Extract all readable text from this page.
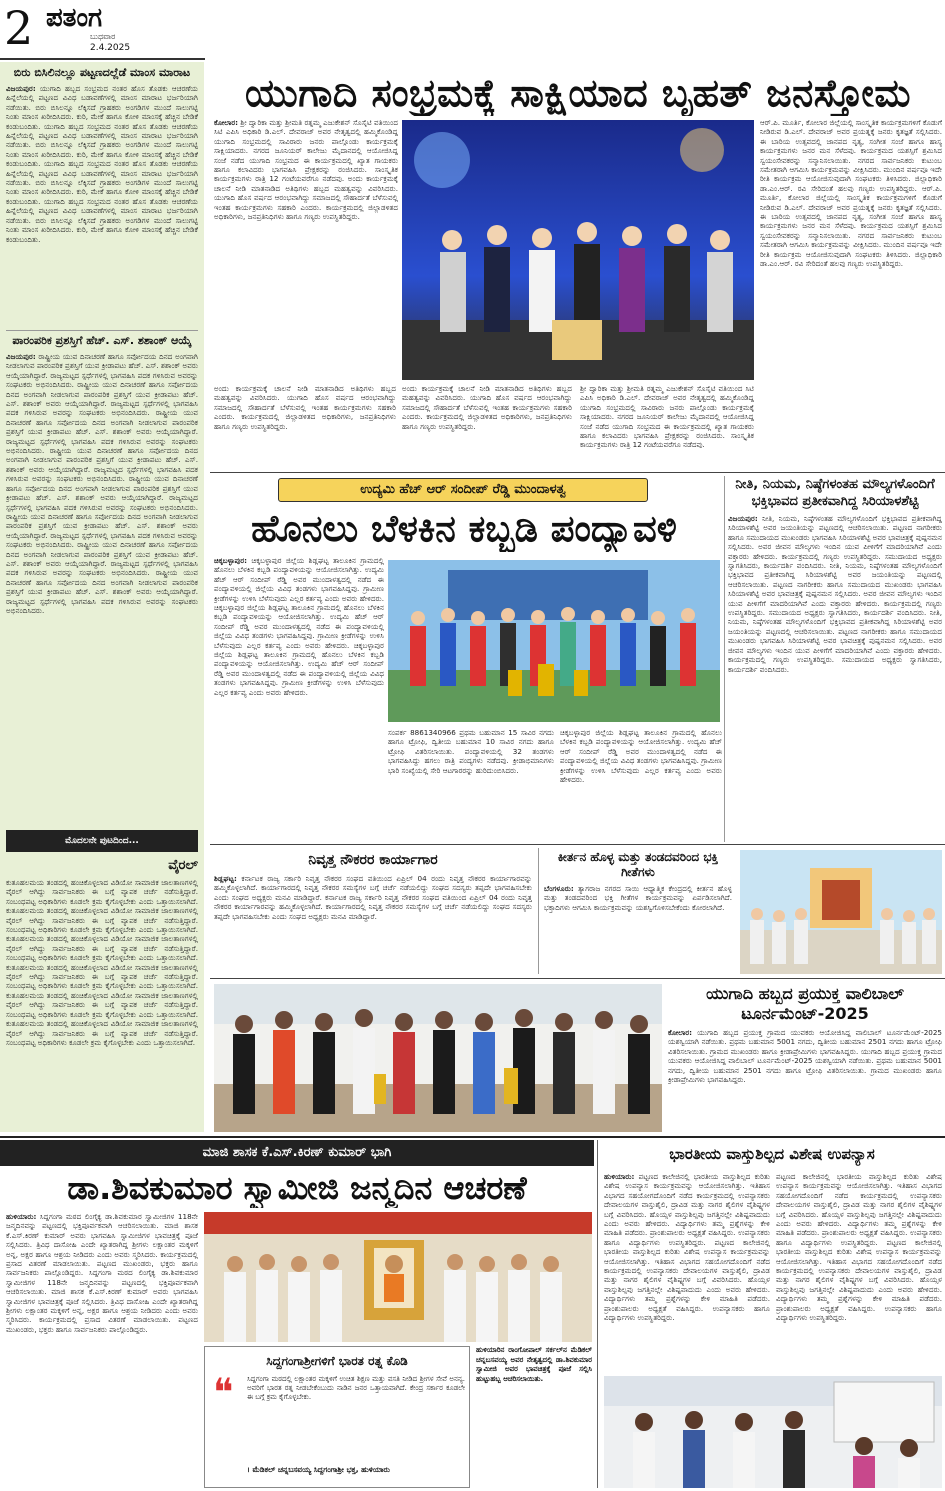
2 ಪತಂಗ
ಬುಧವಾರ
2.4.2025
ಬಿರು ಬಿಸಿಲಿನಲ್ಲೂ ಪಟ್ಟಣದಲ್ಲೆಡೆ ಮಾಂಸ ಮಾರಾಟ
ವಿಜಯಪುರ: ಯುಗಾದಿ ಹಬ್ಬದ ಸಂಭ್ರಮದ ನಂತರ ಹೊಸ ತೊಡಕು ಆಚರಣೆಯ ಹಿನ್ನೆಲೆಯಲ್ಲಿ ಪಟ್ಟಣದ ವಿವಿಧ ಬಡಾವಣೆಗಳಲ್ಲಿ ಮಾಂಸ ಮಾರಾಟ ಭರ್ಜರಿಯಾಗಿ ನಡೆಯಿತು. ಬಿರು ಬಿಸಿಲನ್ನೂ ಲೆಕ್ಕಿಸದೆ ಗ್ರಾಹಕರು ಅಂಗಡಿಗಳ ಮುಂದೆ ಸಾಲುಗಟ್ಟಿ ನಿಂತು ಮಾಂಸ ಖರೀದಿಸಿದರು. ಕುರಿ, ಮೇಕೆ ಹಾಗೂ ಕೋಳಿ ಮಾಂಸಕ್ಕೆ ಹೆಚ್ಚಿನ ಬೇಡಿಕೆ ಕಂಡುಬಂದಿತು. ಯುಗಾದಿ ಹಬ್ಬದ ಸಂಭ್ರಮದ ನಂತರ ಹೊಸ ತೊಡಕು ಆಚರಣೆಯ ಹಿನ್ನೆಲೆಯಲ್ಲಿ ಪಟ್ಟಣದ ವಿವಿಧ ಬಡಾವಣೆಗಳಲ್ಲಿ ಮಾಂಸ ಮಾರಾಟ ಭರ್ಜರಿಯಾಗಿ ನಡೆಯಿತು. ಬಿರು ಬಿಸಿಲನ್ನೂ ಲೆಕ್ಕಿಸದೆ ಗ್ರಾಹಕರು ಅಂಗಡಿಗಳ ಮುಂದೆ ಸಾಲುಗಟ್ಟಿ ನಿಂತು ಮಾಂಸ ಖರೀದಿಸಿದರು. ಕುರಿ, ಮೇಕೆ ಹಾಗೂ ಕೋಳಿ ಮಾಂಸಕ್ಕೆ ಹೆಚ್ಚಿನ ಬೇಡಿಕೆ ಕಂಡುಬಂದಿತು. ಯುಗಾದಿ ಹಬ್ಬದ ಸಂಭ್ರಮದ ನಂತರ ಹೊಸ ತೊಡಕು ಆಚರಣೆಯ ಹಿನ್ನೆಲೆಯಲ್ಲಿ ಪಟ್ಟಣದ ವಿವಿಧ ಬಡಾವಣೆಗಳಲ್ಲಿ ಮಾಂಸ ಮಾರಾಟ ಭರ್ಜರಿಯಾಗಿ ನಡೆಯಿತು. ಬಿರು ಬಿಸಿಲನ್ನೂ ಲೆಕ್ಕಿಸದೆ ಗ್ರಾಹಕರು ಅಂಗಡಿಗಳ ಮುಂದೆ ಸಾಲುಗಟ್ಟಿ ನಿಂತು ಮಾಂಸ ಖರೀದಿಸಿದರು. ಕುರಿ, ಮೇಕೆ ಹಾಗೂ ಕೋಳಿ ಮಾಂಸಕ್ಕೆ ಹೆಚ್ಚಿನ ಬೇಡಿಕೆ ಕಂಡುಬಂದಿತು. ಯುಗಾದಿ ಹಬ್ಬದ ಸಂಭ್ರಮದ ನಂತರ ಹೊಸ ತೊಡಕು ಆಚರಣೆಯ ಹಿನ್ನೆಲೆಯಲ್ಲಿ ಪಟ್ಟಣದ ವಿವಿಧ ಬಡಾವಣೆಗಳಲ್ಲಿ ಮಾಂಸ ಮಾರಾಟ ಭರ್ಜರಿಯಾಗಿ ನಡೆಯಿತು. ಬಿರು ಬಿಸಿಲನ್ನೂ ಲೆಕ್ಕಿಸದೆ ಗ್ರಾಹಕರು ಅಂಗಡಿಗಳ ಮುಂದೆ ಸಾಲುಗಟ್ಟಿ ನಿಂತು ಮಾಂಸ ಖರೀದಿಸಿದರು. ಕುರಿ, ಮೇಕೆ ಹಾಗೂ ಕೋಳಿ ಮಾಂಸಕ್ಕೆ ಹೆಚ್ಚಿನ ಬೇಡಿಕೆ ಕಂಡುಬಂದಿತು.
ಪಾರಂಪರಿಕ ಪ್ರಶಸ್ತಿಗೆ ಹೆಚ್. ಎಸ್. ಶಶಾಂಕ್ ಆಯ್ಕೆ
ವಿಜಯಪುರ: ರಾಷ್ಟ್ರೀಯ ಯುವ ದಿನಾಚರಣೆ ಹಾಗೂ ಸರ್ವೋದಯ ದಿನದ ಅಂಗವಾಗಿ ನೀಡಲಾಗುವ ಪಾರಂಪರಿಕ ಪ್ರಶಸ್ತಿಗೆ ಯುವ ಕ್ರೀಡಾಪಟು ಹೆಚ್. ಎಸ್. ಶಶಾಂಕ್ ಅವರು ಆಯ್ಕೆಯಾಗಿದ್ದಾರೆ. ರಾಜ್ಯಮಟ್ಟದ ಸ್ಪರ್ಧೆಗಳಲ್ಲಿ ಭಾಗವಹಿಸಿ ಪದಕ ಗಳಿಸಿರುವ ಅವರನ್ನು ಸಂಘಟಕರು ಅಭಿನಂದಿಸಿದರು. ರಾಷ್ಟ್ರೀಯ ಯುವ ದಿನಾಚರಣೆ ಹಾಗೂ ಸರ್ವೋದಯ ದಿನದ ಅಂಗವಾಗಿ ನೀಡಲಾಗುವ ಪಾರಂಪರಿಕ ಪ್ರಶಸ್ತಿಗೆ ಯುವ ಕ್ರೀಡಾಪಟು ಹೆಚ್. ಎಸ್. ಶಶಾಂಕ್ ಅವರು ಆಯ್ಕೆಯಾಗಿದ್ದಾರೆ. ರಾಜ್ಯಮಟ್ಟದ ಸ್ಪರ್ಧೆಗಳಲ್ಲಿ ಭಾಗವಹಿಸಿ ಪದಕ ಗಳಿಸಿರುವ ಅವರನ್ನು ಸಂಘಟಕರು ಅಭಿನಂದಿಸಿದರು. ರಾಷ್ಟ್ರೀಯ ಯುವ ದಿನಾಚರಣೆ ಹಾಗೂ ಸರ್ವೋದಯ ದಿನದ ಅಂಗವಾಗಿ ನೀಡಲಾಗುವ ಪಾರಂಪರಿಕ ಪ್ರಶಸ್ತಿಗೆ ಯುವ ಕ್ರೀಡಾಪಟು ಹೆಚ್. ಎಸ್. ಶಶಾಂಕ್ ಅವರು ಆಯ್ಕೆಯಾಗಿದ್ದಾರೆ. ರಾಜ್ಯಮಟ್ಟದ ಸ್ಪರ್ಧೆಗಳಲ್ಲಿ ಭಾಗವಹಿಸಿ ಪದಕ ಗಳಿಸಿರುವ ಅವರನ್ನು ಸಂಘಟಕರು ಅಭಿನಂದಿಸಿದರು. ರಾಷ್ಟ್ರೀಯ ಯುವ ದಿನಾಚರಣೆ ಹಾಗೂ ಸರ್ವೋದಯ ದಿನದ ಅಂಗವಾಗಿ ನೀಡಲಾಗುವ ಪಾರಂಪರಿಕ ಪ್ರಶಸ್ತಿಗೆ ಯುವ ಕ್ರೀಡಾಪಟು ಹೆಚ್. ಎಸ್. ಶಶಾಂಕ್ ಅವರು ಆಯ್ಕೆಯಾಗಿದ್ದಾರೆ. ರಾಜ್ಯಮಟ್ಟದ ಸ್ಪರ್ಧೆಗಳಲ್ಲಿ ಭಾಗವಹಿಸಿ ಪದಕ ಗಳಿಸಿರುವ ಅವರನ್ನು ಸಂಘಟಕರು ಅಭಿನಂದಿಸಿದರು. ರಾಷ್ಟ್ರೀಯ ಯುವ ದಿನಾಚರಣೆ ಹಾಗೂ ಸರ್ವೋದಯ ದಿನದ ಅಂಗವಾಗಿ ನೀಡಲಾಗುವ ಪಾರಂಪರಿಕ ಪ್ರಶಸ್ತಿಗೆ ಯುವ ಕ್ರೀಡಾಪಟು ಹೆಚ್. ಎಸ್. ಶಶಾಂಕ್ ಅವರು ಆಯ್ಕೆಯಾಗಿದ್ದಾರೆ. ರಾಜ್ಯಮಟ್ಟದ ಸ್ಪರ್ಧೆಗಳಲ್ಲಿ ಭಾಗವಹಿಸಿ ಪದಕ ಗಳಿಸಿರುವ ಅವರನ್ನು ಸಂಘಟಕರು ಅಭಿನಂದಿಸಿದರು. ರಾಷ್ಟ್ರೀಯ ಯುವ ದಿನಾಚರಣೆ ಹಾಗೂ ಸರ್ವೋದಯ ದಿನದ ಅಂಗವಾಗಿ ನೀಡಲಾಗುವ ಪಾರಂಪರಿಕ ಪ್ರಶಸ್ತಿಗೆ ಯುವ ಕ್ರೀಡಾಪಟು ಹೆಚ್. ಎಸ್. ಶಶಾಂಕ್ ಅವರು ಆಯ್ಕೆಯಾಗಿದ್ದಾರೆ. ರಾಜ್ಯಮಟ್ಟದ ಸ್ಪರ್ಧೆಗಳಲ್ಲಿ ಭಾಗವಹಿಸಿ ಪದಕ ಗಳಿಸಿರುವ ಅವರನ್ನು ಸಂಘಟಕರು ಅಭಿನಂದಿಸಿದರು. ರಾಷ್ಟ್ರೀಯ ಯುವ ದಿನಾಚರಣೆ ಹಾಗೂ ಸರ್ವೋದಯ ದಿನದ ಅಂಗವಾಗಿ ನೀಡಲಾಗುವ ಪಾರಂಪರಿಕ ಪ್ರಶಸ್ತಿಗೆ ಯುವ ಕ್ರೀಡಾಪಟು ಹೆಚ್. ಎಸ್. ಶಶಾಂಕ್ ಅವರು ಆಯ್ಕೆಯಾಗಿದ್ದಾರೆ. ರಾಜ್ಯಮಟ್ಟದ ಸ್ಪರ್ಧೆಗಳಲ್ಲಿ ಭಾಗವಹಿಸಿ ಪದಕ ಗಳಿಸಿರುವ ಅವರನ್ನು ಸಂಘಟಕರು ಅಭಿನಂದಿಸಿದರು. ರಾಷ್ಟ್ರೀಯ ಯುವ ದಿನಾಚರಣೆ ಹಾಗೂ ಸರ್ವೋದಯ ದಿನದ ಅಂಗವಾಗಿ ನೀಡಲಾಗುವ ಪಾರಂಪರಿಕ ಪ್ರಶಸ್ತಿಗೆ ಯುವ ಕ್ರೀಡಾಪಟು ಹೆಚ್. ಎಸ್. ಶಶಾಂಕ್ ಅವರು ಆಯ್ಕೆಯಾಗಿದ್ದಾರೆ. ರಾಜ್ಯಮಟ್ಟದ ಸ್ಪರ್ಧೆಗಳಲ್ಲಿ ಭಾಗವಹಿಸಿ ಪದಕ ಗಳಿಸಿರುವ ಅವರನ್ನು ಸಂಘಟಕರು ಅಭಿನಂದಿಸಿದರು.
ಮೊದಲನೇ ಪುಟದಿಂದ...
ವೈರಲ್
ಕುತೂಹಲಮಯ ತಂಡದಲ್ಲಿ ಹಂಚಿಕೊಳ್ಳಲಾದ ವಿಡಿಯೋ ಸಾಮಾಜಿಕ ಜಾಲತಾಣಗಳಲ್ಲಿ ವೈರಲ್ ಆಗಿದ್ದು ಸಾರ್ವಜನಿಕರು ಈ ಬಗ್ಗೆ ವ್ಯಾಪಕ ಚರ್ಚೆ ನಡೆಸುತ್ತಿದ್ದಾರೆ. ಸಂಬಂಧಪಟ್ಟ ಅಧಿಕಾರಿಗಳು ಕೂಡಲೇ ಕ್ರಮ ಕೈಗೊಳ್ಳಬೇಕು ಎಂದು ಒತ್ತಾಯಿಸಲಾಗಿದೆ. ಕುತೂಹಲಮಯ ತಂಡದಲ್ಲಿ ಹಂಚಿಕೊಳ್ಳಲಾದ ವಿಡಿಯೋ ಸಾಮಾಜಿಕ ಜಾಲತಾಣಗಳಲ್ಲಿ ವೈರಲ್ ಆಗಿದ್ದು ಸಾರ್ವಜನಿಕರು ಈ ಬಗ್ಗೆ ವ್ಯಾಪಕ ಚರ್ಚೆ ನಡೆಸುತ್ತಿದ್ದಾರೆ. ಸಂಬಂಧಪಟ್ಟ ಅಧಿಕಾರಿಗಳು ಕೂಡಲೇ ಕ್ರಮ ಕೈಗೊಳ್ಳಬೇಕು ಎಂದು ಒತ್ತಾಯಿಸಲಾಗಿದೆ. ಕುತೂಹಲಮಯ ತಂಡದಲ್ಲಿ ಹಂಚಿಕೊಳ್ಳಲಾದ ವಿಡಿಯೋ ಸಾಮಾಜಿಕ ಜಾಲತಾಣಗಳಲ್ಲಿ ವೈರಲ್ ಆಗಿದ್ದು ಸಾರ್ವಜನಿಕರು ಈ ಬಗ್ಗೆ ವ್ಯಾಪಕ ಚರ್ಚೆ ನಡೆಸುತ್ತಿದ್ದಾರೆ. ಸಂಬಂಧಪಟ್ಟ ಅಧಿಕಾರಿಗಳು ಕೂಡಲೇ ಕ್ರಮ ಕೈಗೊಳ್ಳಬೇಕು ಎಂದು ಒತ್ತಾಯಿಸಲಾಗಿದೆ. ಕುತೂಹಲಮಯ ತಂಡದಲ್ಲಿ ಹಂಚಿಕೊಳ್ಳಲಾದ ವಿಡಿಯೋ ಸಾಮಾಜಿಕ ಜಾಲತಾಣಗಳಲ್ಲಿ ವೈರಲ್ ಆಗಿದ್ದು ಸಾರ್ವಜನಿಕರು ಈ ಬಗ್ಗೆ ವ್ಯಾಪಕ ಚರ್ಚೆ ನಡೆಸುತ್ತಿದ್ದಾರೆ. ಸಂಬಂಧಪಟ್ಟ ಅಧಿಕಾರಿಗಳು ಕೂಡಲೇ ಕ್ರಮ ಕೈಗೊಳ್ಳಬೇಕು ಎಂದು ಒತ್ತಾಯಿಸಲಾಗಿದೆ. ಕುತೂಹಲಮಯ ತಂಡದಲ್ಲಿ ಹಂಚಿಕೊಳ್ಳಲಾದ ವಿಡಿಯೋ ಸಾಮಾಜಿಕ ಜಾಲತಾಣಗಳಲ್ಲಿ ವೈರಲ್ ಆಗಿದ್ದು ಸಾರ್ವಜನಿಕರು ಈ ಬಗ್ಗೆ ವ್ಯಾಪಕ ಚರ್ಚೆ ನಡೆಸುತ್ತಿದ್ದಾರೆ. ಸಂಬಂಧಪಟ್ಟ ಅಧಿಕಾರಿಗಳು ಕೂಡಲೇ ಕ್ರಮ ಕೈಗೊಳ್ಳಬೇಕು ಎಂದು ಒತ್ತಾಯಿಸಲಾಗಿದೆ. ಕುತೂಹಲಮಯ ತಂಡದಲ್ಲಿ ಹಂಚಿಕೊಳ್ಳಲಾದ ವಿಡಿಯೋ ಸಾಮಾಜಿಕ ಜಾಲತಾಣಗಳಲ್ಲಿ ವೈರಲ್ ಆಗಿದ್ದು ಸಾರ್ವಜನಿಕರು ಈ ಬಗ್ಗೆ ವ್ಯಾಪಕ ಚರ್ಚೆ ನಡೆಸುತ್ತಿದ್ದಾರೆ. ಸಂಬಂಧಪಟ್ಟ ಅಧಿಕಾರಿಗಳು ಕೂಡಲೇ ಕ್ರಮ ಕೈಗೊಳ್ಳಬೇಕು ಎಂದು ಒತ್ತಾಯಿಸಲಾಗಿದೆ.
ಯುಗಾದಿ ಸಂಭ್ರಮಕ್ಕೆ ಸಾಕ್ಷಿಯಾದ ಬೃಹತ್ ಜನಸ್ತೋಮ
ಕೋಲಾರ: ಶ್ರೀ ದ್ವಾರಿಕಾ ಮತ್ತು ಶ್ರೀಮತಿ ರತ್ನಮ್ಮ ಎಜುಕೇಶನ್ ಸೊಸೈಟಿ ವತಿಯಿಂದ ಸಿಟಿ ಎಪಿಸಿ ಅಧಿಕಾರಿ ಡಿ.ಎಲ್. ದೇವರಾಜ್ ಅವರ ನೇತೃತ್ವದಲ್ಲಿ ಹಮ್ಮಿಕೊಂಡಿದ್ದ ಯುಗಾದಿ ಸಂಭ್ರಮದಲ್ಲಿ ಸಾವಿರಾರು ಜನರು ಪಾಲ್ಗೊಂಡು ಕಾರ್ಯಕ್ರಮಕ್ಕೆ ಸಾಕ್ಷಿಯಾದರು. ನಗರದ ಜೂನಿಯರ್ ಕಾಲೇಜು ಮೈದಾನದಲ್ಲಿ ಆಯೋಜಿಸಿದ್ದ ಸಂಜೆ ನಡೆದ ಯುಗಾದಿ ಸಂಭ್ರಮದ ಈ ಕಾರ್ಯಕ್ರಮದಲ್ಲಿ ಖ್ಯಾತ ಗಾಯಕರು ಹಾಗೂ ಕಲಾವಿದರು ಭಾಗವಹಿಸಿ ಪ್ರೇಕ್ಷಕರನ್ನು ರಂಜಿಸಿದರು. ಸಾಂಸ್ಕೃತಿಕ ಕಾರ್ಯಕ್ರಮಗಳು ರಾತ್ರಿ 12 ಗಂಟೆಯವರೆಗೂ ನಡೆದವು. ಅಂದು ಕಾರ್ಯಕ್ರಮಕ್ಕೆ ಚಾಲನೆ ನೀಡಿ ಮಾತನಾಡಿದ ಅತಿಥಿಗಳು ಹಬ್ಬದ ಮಹತ್ವವನ್ನು ವಿವರಿಸಿದರು. ಯುಗಾದಿ ಹೊಸ ವರ್ಷದ ಆರಂಭವಾಗಿದ್ದು ಸಮಾಜದಲ್ಲಿ ಸೌಹಾರ್ದತೆ ಬೆಳೆಸುವಲ್ಲಿ ಇಂತಹ ಕಾರ್ಯಕ್ರಮಗಳು ಸಹಕಾರಿ ಎಂದರು. ಕಾರ್ಯಕ್ರಮದಲ್ಲಿ ಜಿಲ್ಲಾಡಳಿತದ ಅಧಿಕಾರಿಗಳು, ಜನಪ್ರತಿನಿಧಿಗಳು ಹಾಗೂ ಗಣ್ಯರು ಉಪಸ್ಥಿತರಿದ್ದರು.
ಆರ್.ಪಿ. ಮೂರ್ತಿ, ಕೋಲಾರ ಜಿಲ್ಲೆಯಲ್ಲಿ ಸಾಂಸ್ಕೃತಿಕ ಕಾರ್ಯಕ್ರಮಗಳಿಗೆ ಕೊಡುಗೆ ನೀಡಿರುವ ಡಿ.ಎಲ್. ದೇವರಾಜ್ ಅವರ ಪ್ರಯತ್ನಕ್ಕೆ ಜನರು ಕೃತಜ್ಞತೆ ಸಲ್ಲಿಸಿದರು. ಈ ಬಾರಿಯ ಉತ್ಸವದಲ್ಲಿ ಜಾನಪದ ನೃತ್ಯ, ಸಂಗೀತ ಸಂಜೆ ಹಾಗೂ ಹಾಸ್ಯ ಕಾರ್ಯಕ್ರಮಗಳು ಜನರ ಮನ ಸೆಳೆದವು. ಕಾರ್ಯಕ್ರಮದ ಯಶಸ್ಸಿಗೆ ಶ್ರಮಿಸಿದ ಸ್ವಯಂಸೇವಕರನ್ನು ಸನ್ಮಾನಿಸಲಾಯಿತು. ನಗರದ ಸಾರ್ವಜನಿಕರು ಕುಟುಂಬ ಸಮೇತರಾಗಿ ಆಗಮಿಸಿ ಕಾರ್ಯಕ್ರಮವನ್ನು ವೀಕ್ಷಿಸಿದರು. ಮುಂದಿನ ವರ್ಷವೂ ಇದೇ ರೀತಿ ಕಾರ್ಯಕ್ರಮ ಆಯೋಜಿಸುವುದಾಗಿ ಸಂಘಟಕರು ತಿಳಿಸಿದರು. ಜಿಲ್ಲಾಧಿಕಾರಿ ಡಾ.ಎಂ.ಆರ್. ರವಿ ಸೇರಿದಂತೆ ಹಲವು ಗಣ್ಯರು ಉಪಸ್ಥಿತರಿದ್ದರು. ಆರ್.ಪಿ. ಮೂರ್ತಿ, ಕೋಲಾರ ಜಿಲ್ಲೆಯಲ್ಲಿ ಸಾಂಸ್ಕೃತಿಕ ಕಾರ್ಯಕ್ರಮಗಳಿಗೆ ಕೊಡುಗೆ ನೀಡಿರುವ ಡಿ.ಎಲ್. ದೇವರಾಜ್ ಅವರ ಪ್ರಯತ್ನಕ್ಕೆ ಜನರು ಕೃತಜ್ಞತೆ ಸಲ್ಲಿಸಿದರು. ಈ ಬಾರಿಯ ಉತ್ಸವದಲ್ಲಿ ಜಾನಪದ ನೃತ್ಯ, ಸಂಗೀತ ಸಂಜೆ ಹಾಗೂ ಹಾಸ್ಯ ಕಾರ್ಯಕ್ರಮಗಳು ಜನರ ಮನ ಸೆಳೆದವು. ಕಾರ್ಯಕ್ರಮದ ಯಶಸ್ಸಿಗೆ ಶ್ರಮಿಸಿದ ಸ್ವಯಂಸೇವಕರನ್ನು ಸನ್ಮಾನಿಸಲಾಯಿತು. ನಗರದ ಸಾರ್ವಜನಿಕರು ಕುಟುಂಬ ಸಮೇತರಾಗಿ ಆಗಮಿಸಿ ಕಾರ್ಯಕ್ರಮವನ್ನು ವೀಕ್ಷಿಸಿದರು. ಮುಂದಿನ ವರ್ಷವೂ ಇದೇ ರೀತಿ ಕಾರ್ಯಕ್ರಮ ಆಯೋಜಿಸುವುದಾಗಿ ಸಂಘಟಕರು ತಿಳಿಸಿದರು. ಜಿಲ್ಲಾಧಿಕಾರಿ ಡಾ.ಎಂ.ಆರ್. ರವಿ ಸೇರಿದಂತೆ ಹಲವು ಗಣ್ಯರು ಉಪಸ್ಥಿತರಿದ್ದರು.
ಅಂದು ಕಾರ್ಯಕ್ರಮಕ್ಕೆ ಚಾಲನೆ ನೀಡಿ ಮಾತನಾಡಿದ ಅತಿಥಿಗಳು ಹಬ್ಬದ ಮಹತ್ವವನ್ನು ವಿವರಿಸಿದರು. ಯುಗಾದಿ ಹೊಸ ವರ್ಷದ ಆರಂಭವಾಗಿದ್ದು ಸಮಾಜದಲ್ಲಿ ಸೌಹಾರ್ದತೆ ಬೆಳೆಸುವಲ್ಲಿ ಇಂತಹ ಕಾರ್ಯಕ್ರಮಗಳು ಸಹಕಾರಿ ಎಂದರು. ಕಾರ್ಯಕ್ರಮದಲ್ಲಿ ಜಿಲ್ಲಾಡಳಿತದ ಅಧಿಕಾರಿಗಳು, ಜನಪ್ರತಿನಿಧಿಗಳು ಹಾಗೂ ಗಣ್ಯರು ಉಪಸ್ಥಿತರಿದ್ದರು.
ಅಂದು ಕಾರ್ಯಕ್ರಮಕ್ಕೆ ಚಾಲನೆ ನೀಡಿ ಮಾತನಾಡಿದ ಅತಿಥಿಗಳು ಹಬ್ಬದ ಮಹತ್ವವನ್ನು ವಿವರಿಸಿದರು. ಯುಗಾದಿ ಹೊಸ ವರ್ಷದ ಆರಂಭವಾಗಿದ್ದು ಸಮಾಜದಲ್ಲಿ ಸೌಹಾರ್ದತೆ ಬೆಳೆಸುವಲ್ಲಿ ಇಂತಹ ಕಾರ್ಯಕ್ರಮಗಳು ಸಹಕಾರಿ ಎಂದರು. ಕಾರ್ಯಕ್ರಮದಲ್ಲಿ ಜಿಲ್ಲಾಡಳಿತದ ಅಧಿಕಾರಿಗಳು, ಜನಪ್ರತಿನಿಧಿಗಳು ಹಾಗೂ ಗಣ್ಯರು ಉಪಸ್ಥಿತರಿದ್ದರು.
ಶ್ರೀ ದ್ವಾರಿಕಾ ಮತ್ತು ಶ್ರೀಮತಿ ರತ್ನಮ್ಮ ಎಜುಕೇಶನ್ ಸೊಸೈಟಿ ವತಿಯಿಂದ ಸಿಟಿ ಎಪಿಸಿ ಅಧಿಕಾರಿ ಡಿ.ಎಲ್. ದೇವರಾಜ್ ಅವರ ನೇತೃತ್ವದಲ್ಲಿ ಹಮ್ಮಿಕೊಂಡಿದ್ದ ಯುಗಾದಿ ಸಂಭ್ರಮದಲ್ಲಿ ಸಾವಿರಾರು ಜನರು ಪಾಲ್ಗೊಂಡು ಕಾರ್ಯಕ್ರಮಕ್ಕೆ ಸಾಕ್ಷಿಯಾದರು. ನಗರದ ಜೂನಿಯರ್ ಕಾಲೇಜು ಮೈದಾನದಲ್ಲಿ ಆಯೋಜಿಸಿದ್ದ ಸಂಜೆ ನಡೆದ ಯುಗಾದಿ ಸಂಭ್ರಮದ ಈ ಕಾರ್ಯಕ್ರಮದಲ್ಲಿ ಖ್ಯಾತ ಗಾಯಕರು ಹಾಗೂ ಕಲಾವಿದರು ಭಾಗವಹಿಸಿ ಪ್ರೇಕ್ಷಕರನ್ನು ರಂಜಿಸಿದರು. ಸಾಂಸ್ಕೃತಿಕ ಕಾರ್ಯಕ್ರಮಗಳು ರಾತ್ರಿ 12 ಗಂಟೆಯವರೆಗೂ ನಡೆದವು.
ಉದ್ಯಮಿ ಹೆಚ್ ಆರ್ ಸಂದೀಪ್ ರೆಡ್ಡಿ ಮುಂದಾಳತ್ವ
ಹೊನಲು ಬೆಳಕಿನ ಕಬ್ಬಡಿ ಪಂದ್ಯಾವಳಿ
ಚಿಕ್ಕಬಳ್ಳಾಪುರ: ಚಿಕ್ಕಬಳ್ಳಾಪುರ ಜಿಲ್ಲೆಯ ಶಿಡ್ಲಘಟ್ಟ ತಾಲೂಕಿನ ಗ್ರಾಮದಲ್ಲಿ ಹೊನಲು ಬೆಳಕಿನ ಕಬ್ಬಡಿ ಪಂದ್ಯಾವಳಿಯನ್ನು ಆಯೋಜಿಸಲಾಗಿತ್ತು. ಉದ್ಯಮಿ ಹೆಚ್ ಆರ್ ಸಂದೀಪ್ ರೆಡ್ಡಿ ಅವರ ಮುಂದಾಳತ್ವದಲ್ಲಿ ನಡೆದ ಈ ಪಂದ್ಯಾವಳಿಯಲ್ಲಿ ಜಿಲ್ಲೆಯ ವಿವಿಧ ತಂಡಗಳು ಭಾಗವಹಿಸಿದ್ದವು. ಗ್ರಾಮೀಣ ಕ್ರೀಡೆಗಳನ್ನು ಉಳಿಸಿ ಬೆಳೆಸುವುದು ಎಲ್ಲರ ಕರ್ತವ್ಯ ಎಂದು ಅವರು ಹೇಳಿದರು. ಚಿಕ್ಕಬಳ್ಳಾಪುರ ಜಿಲ್ಲೆಯ ಶಿಡ್ಲಘಟ್ಟ ತಾಲೂಕಿನ ಗ್ರಾಮದಲ್ಲಿ ಹೊನಲು ಬೆಳಕಿನ ಕಬ್ಬಡಿ ಪಂದ್ಯಾವಳಿಯನ್ನು ಆಯೋಜಿಸಲಾಗಿತ್ತು. ಉದ್ಯಮಿ ಹೆಚ್ ಆರ್ ಸಂದೀಪ್ ರೆಡ್ಡಿ ಅವರ ಮುಂದಾಳತ್ವದಲ್ಲಿ ನಡೆದ ಈ ಪಂದ್ಯಾವಳಿಯಲ್ಲಿ ಜಿಲ್ಲೆಯ ವಿವಿಧ ತಂಡಗಳು ಭಾಗವಹಿಸಿದ್ದವು. ಗ್ರಾಮೀಣ ಕ್ರೀಡೆಗಳನ್ನು ಉಳಿಸಿ ಬೆಳೆಸುವುದು ಎಲ್ಲರ ಕರ್ತವ್ಯ ಎಂದು ಅವರು ಹೇಳಿದರು. ಚಿಕ್ಕಬಳ್ಳಾಪುರ ಜಿಲ್ಲೆಯ ಶಿಡ್ಲಘಟ್ಟ ತಾಲೂಕಿನ ಗ್ರಾಮದಲ್ಲಿ ಹೊನಲು ಬೆಳಕಿನ ಕಬ್ಬಡಿ ಪಂದ್ಯಾವಳಿಯನ್ನು ಆಯೋಜಿಸಲಾಗಿತ್ತು. ಉದ್ಯಮಿ ಹೆಚ್ ಆರ್ ಸಂದೀಪ್ ರೆಡ್ಡಿ ಅವರ ಮುಂದಾಳತ್ವದಲ್ಲಿ ನಡೆದ ಈ ಪಂದ್ಯಾವಳಿಯಲ್ಲಿ ಜಿಲ್ಲೆಯ ವಿವಿಧ ತಂಡಗಳು ಭಾಗವಹಿಸಿದ್ದವು. ಗ್ರಾಮೀಣ ಕ್ರೀಡೆಗಳನ್ನು ಉಳಿಸಿ ಬೆಳೆಸುವುದು ಎಲ್ಲರ ಕರ್ತವ್ಯ ಎಂದು ಅವರು ಹೇಳಿದರು.
ಸಂಪರ್ಕ 8861340966 ಪ್ರಥಮ ಬಹುಮಾನ 15 ಸಾವಿರ ನಗದು ಹಾಗೂ ಟ್ರೋಫಿ, ದ್ವಿತೀಯ ಬಹುಮಾನ 10 ಸಾವಿರ ನಗದು ಹಾಗೂ ಟ್ರೋಫಿ ವಿತರಿಸಲಾಯಿತು. ಪಂದ್ಯಾವಳಿಯಲ್ಲಿ 32 ತಂಡಗಳು ಭಾಗವಹಿಸಿದ್ದು ಹಗಲು ರಾತ್ರಿ ಪಂದ್ಯಗಳು ನಡೆದವು. ಕ್ರೀಡಾಭಿಮಾನಿಗಳು ಭಾರಿ ಸಂಖ್ಯೆಯಲ್ಲಿ ಸೇರಿ ಆಟಗಾರರನ್ನು ಹುರಿದುಂಬಿಸಿದರು.
ಚಿಕ್ಕಬಳ್ಳಾಪುರ ಜಿಲ್ಲೆಯ ಶಿಡ್ಲಘಟ್ಟ ತಾಲೂಕಿನ ಗ್ರಾಮದಲ್ಲಿ ಹೊನಲು ಬೆಳಕಿನ ಕಬ್ಬಡಿ ಪಂದ್ಯಾವಳಿಯನ್ನು ಆಯೋಜಿಸಲಾಗಿತ್ತು. ಉದ್ಯಮಿ ಹೆಚ್ ಆರ್ ಸಂದೀಪ್ ರೆಡ್ಡಿ ಅವರ ಮುಂದಾಳತ್ವದಲ್ಲಿ ನಡೆದ ಈ ಪಂದ್ಯಾವಳಿಯಲ್ಲಿ ಜಿಲ್ಲೆಯ ವಿವಿಧ ತಂಡಗಳು ಭಾಗವಹಿಸಿದ್ದವು. ಗ್ರಾಮೀಣ ಕ್ರೀಡೆಗಳನ್ನು ಉಳಿಸಿ ಬೆಳೆಸುವುದು ಎಲ್ಲರ ಕರ್ತವ್ಯ ಎಂದು ಅವರು ಹೇಳಿದರು.
ನೀತಿ, ನಿಯಮ, ನಿಷ್ಠೆಗಳಂತಹ ಮೌಲ್ಯಗಳೊಂದಿಗೆ ಭಕ್ತಿಭಾವದ ಪ್ರತೀಕವಾಗಿದ್ದ ಸಿರಿಯಾಳಶೆಟ್ಟಿ
ವಿಜಯಪುರ: ನೀತಿ, ನಿಯಮ, ನಿಷ್ಠೆಗಳಂತಹ ಮೌಲ್ಯಗಳೊಂದಿಗೆ ಭಕ್ತಿಭಾವದ ಪ್ರತೀಕವಾಗಿದ್ದ ಸಿರಿಯಾಳಶೆಟ್ಟಿ ಅವರ ಜಯಂತಿಯನ್ನು ಪಟ್ಟಣದಲ್ಲಿ ಆಚರಿಸಲಾಯಿತು. ಪಟ್ಟಣದ ನಾಗರೀಕರು ಹಾಗೂ ಸಮುದಾಯದ ಮುಖಂಡರು ಭಾಗವಹಿಸಿ ಸಿರಿಯಾಳಶೆಟ್ಟಿ ಅವರ ಭಾವಚಿತ್ರಕ್ಕೆ ಪುಷ್ಪನಮನ ಸಲ್ಲಿಸಿದರು. ಅವರ ಜೀವನ ಮೌಲ್ಯಗಳು ಇಂದಿನ ಯುವ ಪೀಳಿಗೆಗೆ ಮಾದರಿಯಾಗಿವೆ ಎಂದು ವಕ್ತಾರರು ಹೇಳಿದರು. ಕಾರ್ಯಕ್ರಮದಲ್ಲಿ ಗಣ್ಯರು ಉಪಸ್ಥಿತರಿದ್ದರು. ಸಮುದಾಯದ ಅಧ್ಯಕ್ಷರು ಸ್ವಾಗತಿಸಿದರು, ಕಾರ್ಯದರ್ಶಿ ವಂದಿಸಿದರು. ನೀತಿ, ನಿಯಮ, ನಿಷ್ಠೆಗಳಂತಹ ಮೌಲ್ಯಗಳೊಂದಿಗೆ ಭಕ್ತಿಭಾವದ ಪ್ರತೀಕವಾಗಿದ್ದ ಸಿರಿಯಾಳಶೆಟ್ಟಿ ಅವರ ಜಯಂತಿಯನ್ನು ಪಟ್ಟಣದಲ್ಲಿ ಆಚರಿಸಲಾಯಿತು. ಪಟ್ಟಣದ ನಾಗರೀಕರು ಹಾಗೂ ಸಮುದಾಯದ ಮುಖಂಡರು ಭಾಗವಹಿಸಿ ಸಿರಿಯಾಳಶೆಟ್ಟಿ ಅವರ ಭಾವಚಿತ್ರಕ್ಕೆ ಪುಷ್ಪನಮನ ಸಲ್ಲಿಸಿದರು. ಅವರ ಜೀವನ ಮೌಲ್ಯಗಳು ಇಂದಿನ ಯುವ ಪೀಳಿಗೆಗೆ ಮಾದರಿಯಾಗಿವೆ ಎಂದು ವಕ್ತಾರರು ಹೇಳಿದರು. ಕಾರ್ಯಕ್ರಮದಲ್ಲಿ ಗಣ್ಯರು ಉಪಸ್ಥಿತರಿದ್ದರು. ಸಮುದಾಯದ ಅಧ್ಯಕ್ಷರು ಸ್ವಾಗತಿಸಿದರು, ಕಾರ್ಯದರ್ಶಿ ವಂದಿಸಿದರು. ನೀತಿ, ನಿಯಮ, ನಿಷ್ಠೆಗಳಂತಹ ಮೌಲ್ಯಗಳೊಂದಿಗೆ ಭಕ್ತಿಭಾವದ ಪ್ರತೀಕವಾಗಿದ್ದ ಸಿರಿಯಾಳಶೆಟ್ಟಿ ಅವರ ಜಯಂತಿಯನ್ನು ಪಟ್ಟಣದಲ್ಲಿ ಆಚರಿಸಲಾಯಿತು. ಪಟ್ಟಣದ ನಾಗರೀಕರು ಹಾಗೂ ಸಮುದಾಯದ ಮುಖಂಡರು ಭಾಗವಹಿಸಿ ಸಿರಿಯಾಳಶೆಟ್ಟಿ ಅವರ ಭಾವಚಿತ್ರಕ್ಕೆ ಪುಷ್ಪನಮನ ಸಲ್ಲಿಸಿದರು. ಅವರ ಜೀವನ ಮೌಲ್ಯಗಳು ಇಂದಿನ ಯುವ ಪೀಳಿಗೆಗೆ ಮಾದರಿಯಾಗಿವೆ ಎಂದು ವಕ್ತಾರರು ಹೇಳಿದರು. ಕಾರ್ಯಕ್ರಮದಲ್ಲಿ ಗಣ್ಯರು ಉಪಸ್ಥಿತರಿದ್ದರು. ಸಮುದಾಯದ ಅಧ್ಯಕ್ಷರು ಸ್ವಾಗತಿಸಿದರು, ಕಾರ್ಯದರ್ಶಿ ವಂದಿಸಿದರು.
ನಿವೃತ್ತ ನೌಕರರ ಕಾರ್ಯಾಗಾರ
ಶಿಡ್ಲಘಟ್ಟ: ಕರ್ನಾಟಕ ರಾಜ್ಯ ಸರ್ಕಾರಿ ನಿವೃತ್ತ ನೌಕರರ ಸಂಘದ ವತಿಯಿಂದ ಏಪ್ರಿಲ್ 04 ರಂದು ನಿವೃತ್ತ ನೌಕರರ ಕಾರ್ಯಾಗಾರವನ್ನು ಹಮ್ಮಿಕೊಳ್ಳಲಾಗಿದೆ. ಕಾರ್ಯಾಗಾರದಲ್ಲಿ ನಿವೃತ್ತ ನೌಕರರ ಸಮಸ್ಯೆಗಳ ಬಗ್ಗೆ ಚರ್ಚೆ ನಡೆಯಲಿದ್ದು ಸಂಘದ ಸದಸ್ಯರು ತಪ್ಪದೇ ಭಾಗವಹಿಸಬೇಕು ಎಂದು ಸಂಘದ ಅಧ್ಯಕ್ಷರು ಮನವಿ ಮಾಡಿದ್ದಾರೆ. ಕರ್ನಾಟಕ ರಾಜ್ಯ ಸರ್ಕಾರಿ ನಿವೃತ್ತ ನೌಕರರ ಸಂಘದ ವತಿಯಿಂದ ಏಪ್ರಿಲ್ 04 ರಂದು ನಿವೃತ್ತ ನೌಕರರ ಕಾರ್ಯಾಗಾರವನ್ನು ಹಮ್ಮಿಕೊಳ್ಳಲಾಗಿದೆ. ಕಾರ್ಯಾಗಾರದಲ್ಲಿ ನಿವೃತ್ತ ನೌಕರರ ಸಮಸ್ಯೆಗಳ ಬಗ್ಗೆ ಚರ್ಚೆ ನಡೆಯಲಿದ್ದು ಸಂಘದ ಸದಸ್ಯರು ತಪ್ಪದೇ ಭಾಗವಹಿಸಬೇಕು ಎಂದು ಸಂಘದ ಅಧ್ಯಕ್ಷರು ಮನವಿ ಮಾಡಿದ್ದಾರೆ.
ಕೀರ್ತನ ಹೊಳ್ಳ ಮತ್ತು ತಂಡದವರಿಂದ ಭಕ್ತಿ ಗೀತೆಗಳು
ಬೆಂಗಳೂರು: ತ್ಯಾಗರಾಜ ನಗರದ ಸಾಯಿ ಆಧ್ಯಾತ್ಮಿಕ ಕೇಂದ್ರದಲ್ಲಿ ಕೀರ್ತನ ಹೊಳ್ಳ ಮತ್ತು ತಂಡದವರಿಂದ ಭಕ್ತಿ ಗೀತೆಗಳ ಕಾರ್ಯಕ್ರಮವನ್ನು ಏರ್ಪಡಿಸಲಾಗಿದೆ. ಭಕ್ತಾದಿಗಳು ಆಗಮಿಸಿ ಕಾರ್ಯಕ್ರಮವನ್ನು ಯಶಸ್ವಿಗೊಳಿಸಬೇಕೆಂದು ಕೋರಲಾಗಿದೆ.
ಯುಗಾದಿ ಹಬ್ಬದ ಪ್ರಯುಕ್ತ ವಾಲಿಬಾಲ್ ಟೂರ್ನಮೆಂಟ್-2025
ಕೋಲಾರ: ಯುಗಾದಿ ಹಬ್ಬದ ಪ್ರಯುಕ್ತ ಗ್ರಾಮದ ಯುವಕರು ಆಯೋಜಿಸಿದ್ದ ವಾಲಿಬಾಲ್ ಟೂರ್ನಮೆಂಟ್-2025 ಯಶಸ್ವಿಯಾಗಿ ನಡೆಯಿತು. ಪ್ರಥಮ ಬಹುಮಾನ 5001 ನಗದು, ದ್ವಿತೀಯ ಬಹುಮಾನ 2501 ನಗದು ಹಾಗೂ ಟ್ರೋಫಿ ವಿತರಿಸಲಾಯಿತು. ಗ್ರಾಮದ ಮುಖಂಡರು ಹಾಗೂ ಕ್ರೀಡಾಪ್ರೇಮಿಗಳು ಭಾಗವಹಿಸಿದ್ದರು. ಯುಗಾದಿ ಹಬ್ಬದ ಪ್ರಯುಕ್ತ ಗ್ರಾಮದ ಯುವಕರು ಆಯೋಜಿಸಿದ್ದ ವಾಲಿಬಾಲ್ ಟೂರ್ನಮೆಂಟ್-2025 ಯಶಸ್ವಿಯಾಗಿ ನಡೆಯಿತು. ಪ್ರಥಮ ಬಹುಮಾನ 5001 ನಗದು, ದ್ವಿತೀಯ ಬಹುಮಾನ 2501 ನಗದು ಹಾಗೂ ಟ್ರೋಫಿ ವಿತರಿಸಲಾಯಿತು. ಗ್ರಾಮದ ಮುಖಂಡರು ಹಾಗೂ ಕ್ರೀಡಾಪ್ರೇಮಿಗಳು ಭಾಗವಹಿಸಿದ್ದರು.
ಮಾಜಿ ಶಾಸಕ ಕೆ.ಎಸ್.ಕಿರಣ್ ಕುಮಾರ್ ಭಾಗಿ
ಡಾ.ಶಿವಕುಮಾರ ಸ್ವಾಮೀಜಿ ಜನ್ಮದಿನ ಆಚರಣೆ
ಹುಳಿಯಾರು: ಸಿದ್ದಗಂಗಾ ಮಠದ ಲಿಂಗೈಕ್ಯ ಡಾ.ಶಿವಕುಮಾರ ಸ್ವಾಮೀಜಿಗಳ 118ನೇ ಜನ್ಮದಿನವನ್ನು ಪಟ್ಟಣದಲ್ಲಿ ಭಕ್ತಿಪೂರ್ವಕವಾಗಿ ಆಚರಿಸಲಾಯಿತು. ಮಾಜಿ ಶಾಸಕ ಕೆ.ಎಸ್.ಕಿರಣ್ ಕುಮಾರ್ ಅವರು ಭಾಗವಹಿಸಿ ಸ್ವಾಮೀಜಿಗಳ ಭಾವಚಿತ್ರಕ್ಕೆ ಪೂಜೆ ಸಲ್ಲಿಸಿದರು. ತ್ರಿವಿಧ ದಾಸೋಹಿ ಎಂದೇ ಖ್ಯಾತರಾಗಿದ್ದ ಶ್ರೀಗಳು ಲಕ್ಷಾಂತರ ಮಕ್ಕಳಿಗೆ ಅನ್ನ, ಅಕ್ಷರ ಹಾಗೂ ಆಶ್ರಯ ನೀಡಿದರು ಎಂದು ಅವರು ಸ್ಮರಿಸಿದರು. ಕಾರ್ಯಕ್ರಮದಲ್ಲಿ ಪ್ರಸಾದ ವಿತರಣೆ ಮಾಡಲಾಯಿತು. ಪಟ್ಟಣದ ಮುಖಂಡರು, ಭಕ್ತರು ಹಾಗೂ ಸಾರ್ವಜನಿಕರು ಪಾಲ್ಗೊಂಡಿದ್ದರು. ಸಿದ್ದಗಂಗಾ ಮಠದ ಲಿಂಗೈಕ್ಯ ಡಾ.ಶಿವಕುಮಾರ ಸ್ವಾಮೀಜಿಗಳ 118ನೇ ಜನ್ಮದಿನವನ್ನು ಪಟ್ಟಣದಲ್ಲಿ ಭಕ್ತಿಪೂರ್ವಕವಾಗಿ ಆಚರಿಸಲಾಯಿತು. ಮಾಜಿ ಶಾಸಕ ಕೆ.ಎಸ್.ಕಿರಣ್ ಕುಮಾರ್ ಅವರು ಭಾಗವಹಿಸಿ ಸ್ವಾಮೀಜಿಗಳ ಭಾವಚಿತ್ರಕ್ಕೆ ಪೂಜೆ ಸಲ್ಲಿಸಿದರು. ತ್ರಿವಿಧ ದಾಸೋಹಿ ಎಂದೇ ಖ್ಯಾತರಾಗಿದ್ದ ಶ್ರೀಗಳು ಲಕ್ಷಾಂತರ ಮಕ್ಕಳಿಗೆ ಅನ್ನ, ಅಕ್ಷರ ಹಾಗೂ ಆಶ್ರಯ ನೀಡಿದರು ಎಂದು ಅವರು ಸ್ಮರಿಸಿದರು. ಕಾರ್ಯಕ್ರಮದಲ್ಲಿ ಪ್ರಸಾದ ವಿತರಣೆ ಮಾಡಲಾಯಿತು. ಪಟ್ಟಣದ ಮುಖಂಡರು, ಭಕ್ತರು ಹಾಗೂ ಸಾರ್ವಜನಿಕರು ಪಾಲ್ಗೊಂಡಿದ್ದರು.
ಸಿದ್ದಗಂಗಾಶ್ರೀಗಳಿಗೆ ಭಾರತ ರತ್ನ ಕೊಡಿ
❝ ಸಿದ್ದಗಂಗಾ ಮಠದಲ್ಲಿ ಲಕ್ಷಾಂತರ ಮಕ್ಕಳಿಗೆ ಉಚಿತ ಶಿಕ್ಷಣ ಮತ್ತು ವಸತಿ ನೀಡಿದ ಶ್ರೀಗಳ ಸೇವೆ ಅನನ್ಯ. ಅವರಿಗೆ ಭಾರತ ರತ್ನ ನೀಡಬೇಕೆಂಬುದು ನಾಡಿನ ಜನರ ಒತ್ತಾಯವಾಗಿದೆ. ಕೇಂದ್ರ ಸರ್ಕಾರ ಕೂಡಲೇ ಈ ಬಗ್ಗೆ ಕ್ರಮ ಕೈಗೊಳ್ಳಬೇಕು.
। ಮೆಡಿಕಲ್ ಚನ್ನಬಸವಯ್ಯ ಸಿದ್ದಗಂಗಾಶ್ರೀ ಭಕ್ತ, ಹುಳಿಯಾರು
ಹುಳಿಯಾರಿನ ರಾಂಗೋಪಾಲ್ ಸರ್ಕಲ್‌ನ ಮೆಡಿಕಲ್ ಚನ್ನಬಸವಯ್ಯ ಅವರ ನೇತೃತ್ವದಲ್ಲಿ ಡಾ.ಶಿವಕುಮಾರ ಸ್ವಾಮೀಜಿ ಅವರ ಭಾವಚಿತ್ರಕ್ಕೆ ಪೂಜೆ ಸಲ್ಲಿಸಿ ಹುಟ್ಟುಹಬ್ಬ ಆಚರಿಸಲಾಯಿತು.
ಭಾರತೀಯ ವಾಸ್ತುಶಿಲ್ಪದ ವಿಶೇಷ ಉಪನ್ಯಾಸ
ಹುಳಿಯಾರು: ಪಟ್ಟಣದ ಕಾಲೇಜಿನಲ್ಲಿ ಭಾರತೀಯ ವಾಸ್ತುಶಿಲ್ಪದ ಕುರಿತು ವಿಶೇಷ ಉಪನ್ಯಾಸ ಕಾರ್ಯಕ್ರಮವನ್ನು ಆಯೋಜಿಸಲಾಗಿತ್ತು. ಇತಿಹಾಸ ವಿಭಾಗದ ಸಹಯೋಗದೊಂದಿಗೆ ನಡೆದ ಕಾರ್ಯಕ್ರಮದಲ್ಲಿ ಉಪನ್ಯಾಸಕರು ದೇವಾಲಯಗಳ ವಾಸ್ತುಶೈಲಿ, ದ್ರಾವಿಡ ಮತ್ತು ನಾಗರ ಶೈಲಿಗಳ ವೈಶಿಷ್ಟ್ಯಗಳ ಬಗ್ಗೆ ವಿವರಿಸಿದರು. ಹೊಯ್ಸಳ ವಾಸ್ತುಶಿಲ್ಪವು ಜಗತ್ತಿನಲ್ಲೇ ವಿಶಿಷ್ಟವಾದುದು ಎಂದು ಅವರು ಹೇಳಿದರು. ವಿದ್ಯಾರ್ಥಿಗಳು ತಮ್ಮ ಪ್ರಶ್ನೆಗಳನ್ನು ಕೇಳಿ ಮಾಹಿತಿ ಪಡೆದರು. ಪ್ರಾಂಶುಪಾಲರು ಅಧ್ಯಕ್ಷತೆ ವಹಿಸಿದ್ದರು. ಉಪನ್ಯಾಸಕರು ಹಾಗೂ ವಿದ್ಯಾರ್ಥಿಗಳು ಉಪಸ್ಥಿತರಿದ್ದರು. ಪಟ್ಟಣದ ಕಾಲೇಜಿನಲ್ಲಿ ಭಾರತೀಯ ವಾಸ್ತುಶಿಲ್ಪದ ಕುರಿತು ವಿಶೇಷ ಉಪನ್ಯಾಸ ಕಾರ್ಯಕ್ರಮವನ್ನು ಆಯೋಜಿಸಲಾಗಿತ್ತು. ಇತಿಹಾಸ ವಿಭಾಗದ ಸಹಯೋಗದೊಂದಿಗೆ ನಡೆದ ಕಾರ್ಯಕ್ರಮದಲ್ಲಿ ಉಪನ್ಯಾಸಕರು ದೇವಾಲಯಗಳ ವಾಸ್ತುಶೈಲಿ, ದ್ರಾವಿಡ ಮತ್ತು ನಾಗರ ಶೈಲಿಗಳ ವೈಶಿಷ್ಟ್ಯಗಳ ಬಗ್ಗೆ ವಿವರಿಸಿದರು. ಹೊಯ್ಸಳ ವಾಸ್ತುಶಿಲ್ಪವು ಜಗತ್ತಿನಲ್ಲೇ ವಿಶಿಷ್ಟವಾದುದು ಎಂದು ಅವರು ಹೇಳಿದರು. ವಿದ್ಯಾರ್ಥಿಗಳು ತಮ್ಮ ಪ್ರಶ್ನೆಗಳನ್ನು ಕೇಳಿ ಮಾಹಿತಿ ಪಡೆದರು. ಪ್ರಾಂಶುಪಾಲರು ಅಧ್ಯಕ್ಷತೆ ವಹಿಸಿದ್ದರು. ಉಪನ್ಯಾಸಕರು ಹಾಗೂ ವಿದ್ಯಾರ್ಥಿಗಳು ಉಪಸ್ಥಿತರಿದ್ದರು.
ಪಟ್ಟಣದ ಕಾಲೇಜಿನಲ್ಲಿ ಭಾರತೀಯ ವಾಸ್ತುಶಿಲ್ಪದ ಕುರಿತು ವಿಶೇಷ ಉಪನ್ಯಾಸ ಕಾರ್ಯಕ್ರಮವನ್ನು ಆಯೋಜಿಸಲಾಗಿತ್ತು. ಇತಿಹಾಸ ವಿಭಾಗದ ಸಹಯೋಗದೊಂದಿಗೆ ನಡೆದ ಕಾರ್ಯಕ್ರಮದಲ್ಲಿ ಉಪನ್ಯಾಸಕರು ದೇವಾಲಯಗಳ ವಾಸ್ತುಶೈಲಿ, ದ್ರಾವಿಡ ಮತ್ತು ನಾಗರ ಶೈಲಿಗಳ ವೈಶಿಷ್ಟ್ಯಗಳ ಬಗ್ಗೆ ವಿವರಿಸಿದರು. ಹೊಯ್ಸಳ ವಾಸ್ತುಶಿಲ್ಪವು ಜಗತ್ತಿನಲ್ಲೇ ವಿಶಿಷ್ಟವಾದುದು ಎಂದು ಅವರು ಹೇಳಿದರು. ವಿದ್ಯಾರ್ಥಿಗಳು ತಮ್ಮ ಪ್ರಶ್ನೆಗಳನ್ನು ಕೇಳಿ ಮಾಹಿತಿ ಪಡೆದರು. ಪ್ರಾಂಶುಪಾಲರು ಅಧ್ಯಕ್ಷತೆ ವಹಿಸಿದ್ದರು. ಉಪನ್ಯಾಸಕರು ಹಾಗೂ ವಿದ್ಯಾರ್ಥಿಗಳು ಉಪಸ್ಥಿತರಿದ್ದರು. ಪಟ್ಟಣದ ಕಾಲೇಜಿನಲ್ಲಿ ಭಾರತೀಯ ವಾಸ್ತುಶಿಲ್ಪದ ಕುರಿತು ವಿಶೇಷ ಉಪನ್ಯಾಸ ಕಾರ್ಯಕ್ರಮವನ್ನು ಆಯೋಜಿಸಲಾಗಿತ್ತು. ಇತಿಹಾಸ ವಿಭಾಗದ ಸಹಯೋಗದೊಂದಿಗೆ ನಡೆದ ಕಾರ್ಯಕ್ರಮದಲ್ಲಿ ಉಪನ್ಯಾಸಕರು ದೇವಾಲಯಗಳ ವಾಸ್ತುಶೈಲಿ, ದ್ರಾವಿಡ ಮತ್ತು ನಾಗರ ಶೈಲಿಗಳ ವೈಶಿಷ್ಟ್ಯಗಳ ಬಗ್ಗೆ ವಿವರಿಸಿದರು. ಹೊಯ್ಸಳ ವಾಸ್ತುಶಿಲ್ಪವು ಜಗತ್ತಿನಲ್ಲೇ ವಿಶಿಷ್ಟವಾದುದು ಎಂದು ಅವರು ಹೇಳಿದರು. ವಿದ್ಯಾರ್ಥಿಗಳು ತಮ್ಮ ಪ್ರಶ್ನೆಗಳನ್ನು ಕೇಳಿ ಮಾಹಿತಿ ಪಡೆದರು. ಪ್ರಾಂಶುಪಾಲರು ಅಧ್ಯಕ್ಷತೆ ವಹಿಸಿದ್ದರು. ಉಪನ್ಯಾಸಕರು ಹಾಗೂ ವಿದ್ಯಾರ್ಥಿಗಳು ಉಪಸ್ಥಿತರಿದ್ದರು.
